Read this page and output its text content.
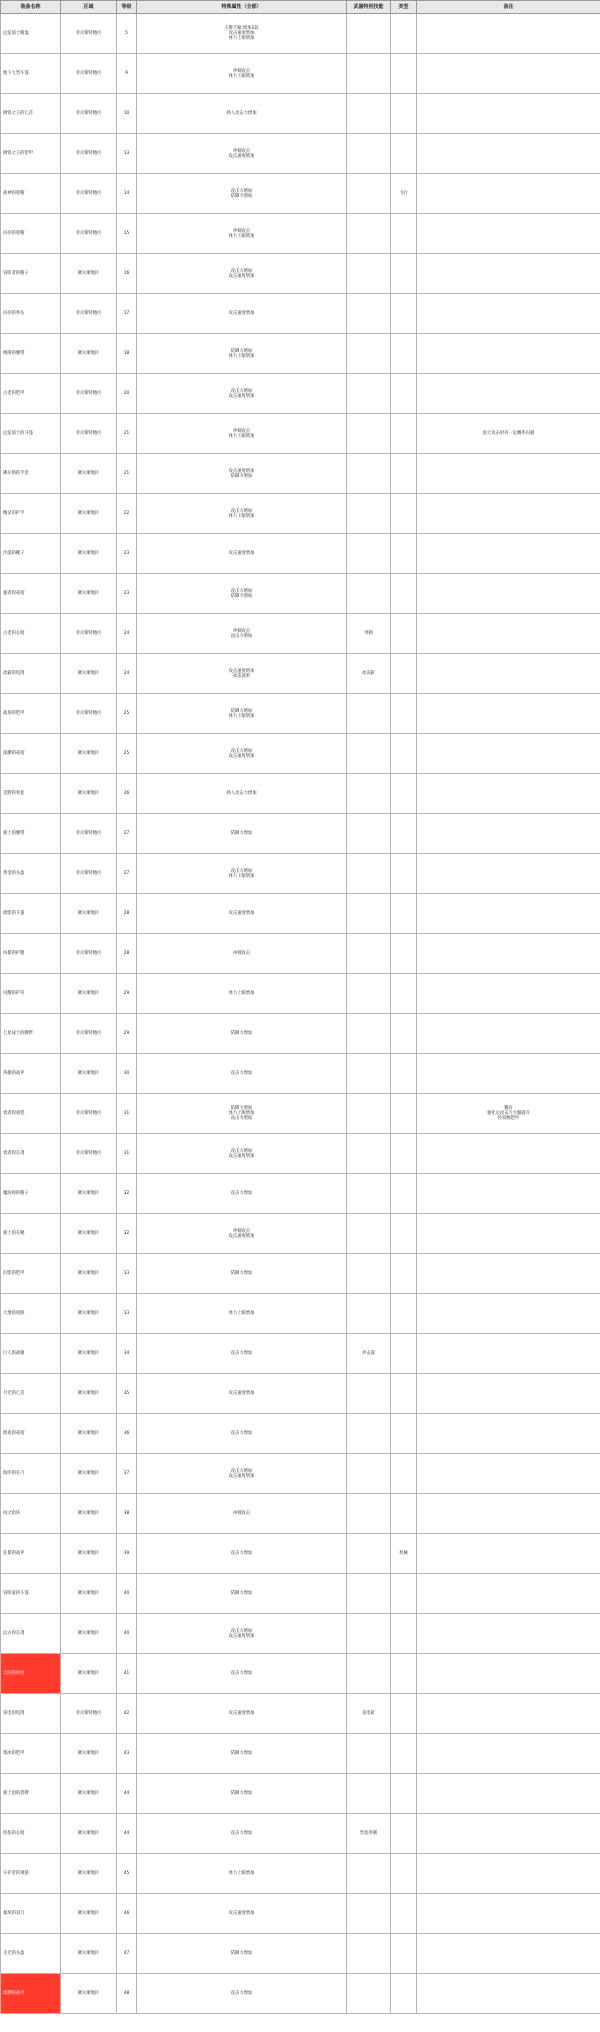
装备名称	区域	等级	特殊属性（全部）	武器特别技能	类型	备注
远征骑士帽盔	亚尔斯特地区	5	王牌天赋:增加1段
攻击速度增加
体力上限增加			
地下大型斗篷	亚尔斯特地区	9	冲刺攻击
体力上限增加			
钢铁之王的匕首	亚尔斯特地区	10	抓人攻击力增加			
钢铁之王的铠甲	亚尔斯特地区	13	冲刺攻击
攻击速度增加			
战神的兜帽	亚尔斯特地区	14	攻击力增加
防御力增加		飞行	
闪亮的兜帽	亚尔斯特地区	15	冲刺攻击
体力上限增加			
冒险者的帽子	佛尔斯地区	16	攻击力增加
攻击速度增加			
闪亮的拳头	亚尔斯特地区	17	攻击速度增加			
咆哮的腰带	佛尔斯地区	18	防御力增加
体力上限增加			
古老的铠甲	亚尔斯特地区	20	攻击力增加
攻击速度增加			
远征骑士的斗篷	亚尔斯特地区	21	冲刺攻击
体力上限增加			雨天攻击时有一定概率闪避
佛尔斯的手套	佛尔斯地区	21	攻击速度增加
防御力增加			
精灵的护手	佛尔斯地区	22	攻击力增加
体力上限增加			
沙漠的靴子	佛尔斯地区	23	攻击速度增加			
强者的戒指	佛尔斯地区	23	攻击力增加
防御力增加			
古老的长枪	亚尔斯特地区	24	冲刺攻击
攻击力增加	突刺		
冰霜的短剑	佛尔斯地区	24	攻击速度增加
冰冻效果	冰冻斩		
战场的铠甲	亚尔斯特地区	25	防御力增加
体力上限增加			
深渊的戒指	佛尔斯地区	25	攻击力增加
攻击速度增加			
荒野的拳套	佛尔斯地区	26	抓人攻击力增加			
骑士的腰带	亚尔斯特地区	27	防御力增加			
黄金的头盔	亚尔斯特地区	27	攻击力增加
体力上限增加			
暗影的斗篷	佛尔斯地区	28	攻击速度增加			
风暴的护腿	亚尔斯特地区	28	冲刺攻击			
闪耀的护符	佛尔斯地区	29	体力上限增加			
七星战士的腰带	亚尔斯特地区	29	防御力增加			
英雄的战斧	佛尔斯地区	30	攻击力增加			
勇者的重铠	亚尔斯特地区	31	防御力增加
体力上限增加
攻击力增加			稀有
强化后攻击力大幅提升
传说级铠甲
勇者的长剑	亚尔斯特地区	31	攻击力增加
攻击速度增加			
魔法师的帽子	佛尔斯地区	32	攻击力增加			
骑士的长靴	佛尔斯地区	32	冲刺攻击
攻击速度增加			
幻影的铠甲	佛尔斯地区	33	防御力增加			
大地的项链	佛尔斯地区	33	体力上限增加			
巨人的战锤	佛尔斯地区	34	攻击力增加	冲击波		
月光的匕首	佛尔斯地区	35	攻击速度增加			
暗夜的戒指	佛尔斯地区	36	攻击力增加			
海洋的长弓	佛尔斯地区	37	攻击力增加
攻击速度增加			
风之指环	佛尔斯地区	38	冲刺攻击			
狂暴的战斧	佛尔斯地区	39	攻击力增加		机械	
冒险家的斗篷	佛尔斯地区	40	防御力增加			
远古的长剑	佛尔斯地区	40	攻击力增加
攻击速度增加			
太阳的权杖	佛尔斯地区	41	攻击力增加			
雷电的短剑	亚尔斯特地区	42	攻击速度增加	雷电斩		
寒冰的铠甲	佛尔斯地区	43	防御力增加			
骑士团的盾牌	佛尔斯地区	44	防御力增加			
炽焰的长枪	佛尔斯地区	44	攻击力增加	烈焰突刺		
守护者的项链	佛尔斯地区	45	体力上限增加			
暴风的双刀	佛尔斯地区	46	攻击速度增加			
圣光的头盔	佛尔斯地区	47	防御力增加			
深渊的战刃	佛尔斯地区	48	攻击力增加			
